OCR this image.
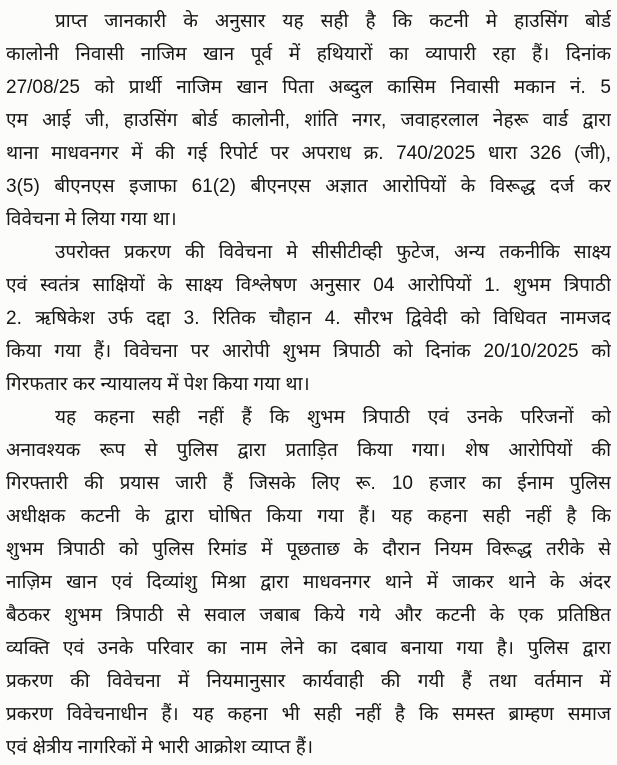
प्राप्त जानकारी के अनुसार यह सही है कि कटनी मे हाउसिंग बोर्ड
कालोनी निवासी नाजिम खान पूर्व में हथियारों का व्यापारी रहा हैं। दिनांक
27/08/25 को प्रार्थी नाजिम खान पिता अब्दुल कासिम निवासी मकान नं. 5
एम आई जी, हाउसिंग बोर्ड कालोनी, शांति नगर, जवाहरलाल नेहरू वार्ड द्वारा
थाना माधवनगर में की गई रिपोर्ट पर अपराध क्र. 740/2025 धारा 326 (जी),
3(5) बीएनएस इजाफा 61(2) बीएनएस अज्ञात आरोपियों के विरूद्ध दर्ज कर
विवेचना मे लिया गया था।
उपरोक्त प्रकरण की विवेचना मे सीसीटीव्ही फुटेज, अन्य तकनीकि साक्ष्य
एवं स्वतंत्र साक्षियों के साक्ष्य विश्लेषण अनुसार 04 आरोपियों 1. शुभम त्रिपाठी
2. ऋषिकेश उर्फ दद्दा 3. रितिक चौहान 4. सौरभ द्विवेदी को विधिवत नामजद
किया गया हैं। विवेचना पर आरोपी शुभम त्रिपाठी को दिनांक 20/10/2025 को
गिरफतार कर न्यायालय में पेश किया गया था।
यह कहना सही नहीं हैं कि शुभम त्रिपाठी एवं उनके परिजनों को
अनावश्यक रूप से पुलिस द्वारा प्रताड़ित किया गया। शेष आरोपियों की
गिरफ्तारी की प्रयास जारी हैं जिसके लिए रू. 10 हजार का ईनाम पुलिस
अधीक्षक कटनी के द्वारा घोषित किया गया हैं। यह कहना सही नहीं है कि
शुभम त्रिपाठी को पुलिस रिमांड में पूछताछ के दौरान नियम विरूद्ध तरीके से
नाज़िम खान एवं दिव्यांशु मिश्रा द्वारा माधवनगर थाने में जाकर थाने के अंदर
बैठकर शुभम त्रिपाठी से सवाल जबाब किये गये और कटनी के एक प्रतिष्ठित
व्यक्ति एवं उनके परिवार का नाम लेने का दबाव बनाया गया है। पुलिस द्वारा
प्रकरण की विवेचना में नियमानुसार कार्यवाही की गयी हैं तथा वर्तमान में
प्रकरण विवेचनाधीन हैं। यह कहना भी सही नहीं है कि समस्त ब्राम्हण समाज
एवं क्षेत्रीय नागरिकों मे भारी आक्रोश व्याप्त हैं।
